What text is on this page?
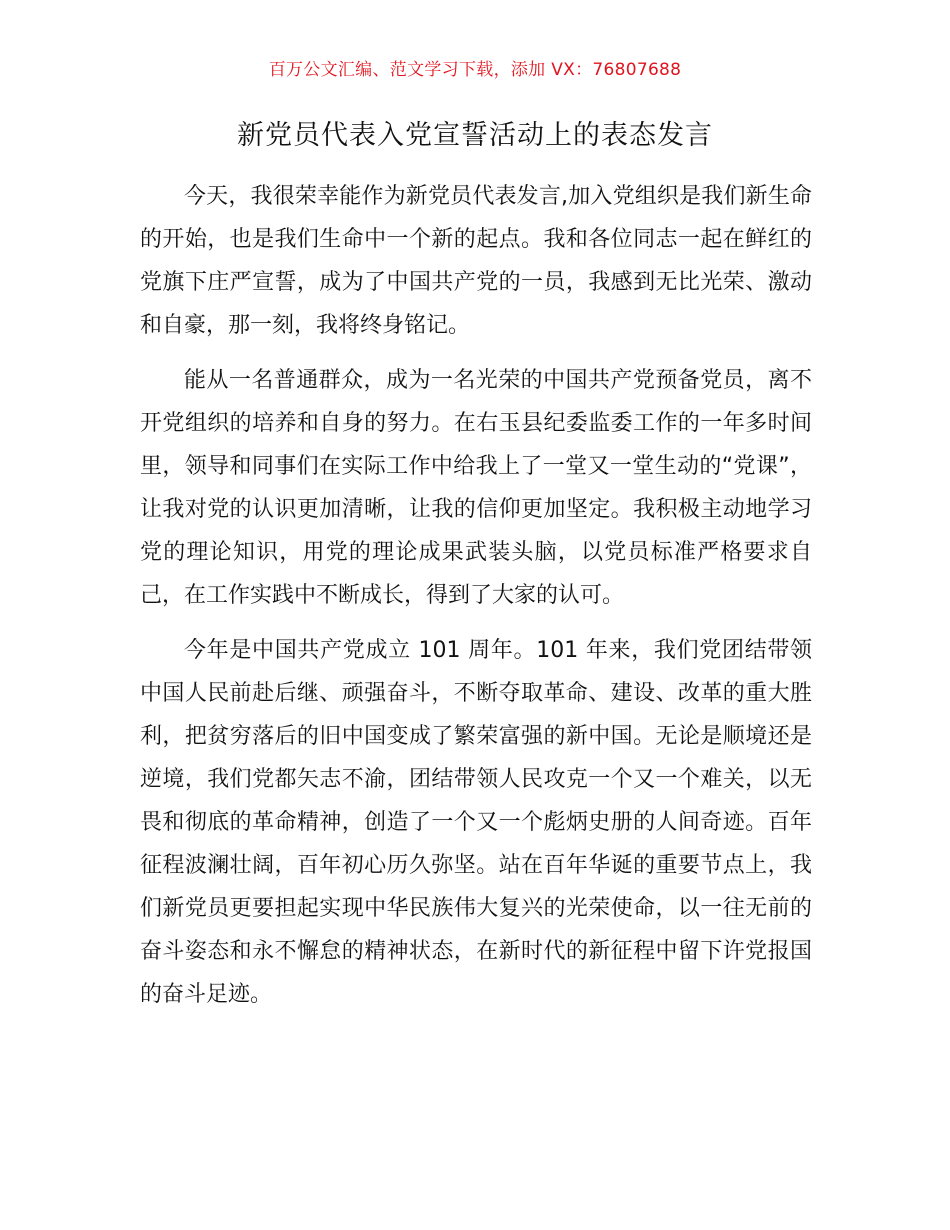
百万公文汇编、范文学习下载，添加 VX：76807688
新党员代表入党宣誓活动上的表态发言

今天，我很荣幸能作为新党员代表发言,加入党组织是我们新生命的开始，也是我们生命中一个新的起点。我和各位同志一起在鲜红的党旗下庄严宣誓，成为了中国共产党的一员，我感到无比光荣、激动和自豪，那一刻，我将终身铭记。

能从一名普通群众，成为一名光荣的中国共产党预备党员，离不开党组织的培养和自身的努力。在右玉县纪委监委工作的一年多时间里，领导和同事们在实际工作中给我上了一堂又一堂生动的“党课”，让我对党的认识更加清晰，让我的信仰更加坚定。我积极主动地学习党的理论知识，用党的理论成果武装头脑，以党员标准严格要求自己，在工作实践中不断成长，得到了大家的认可。

今年是中国共产党成立 101 周年。101 年来，我们党团结带领中国人民前赴后继、顽强奋斗，不断夺取革命、建设、改革的重大胜利，把贫穷落后的旧中国变成了繁荣富强的新中国。无论是顺境还是逆境，我们党都矢志不渝，团结带领人民攻克一个又一个难关，以无畏和彻底的革命精神，创造了一个又一个彪炳史册的人间奇迹。百年征程波澜壮阔，百年初心历久弥坚。站在百年华诞的重要节点上，我们新党员更要担起实现中华民族伟大复兴的光荣使命，以一往无前的奋斗姿态和永不懈怠的精神状态，在新时代的新征程中留下许党报国的奋斗足迹。
